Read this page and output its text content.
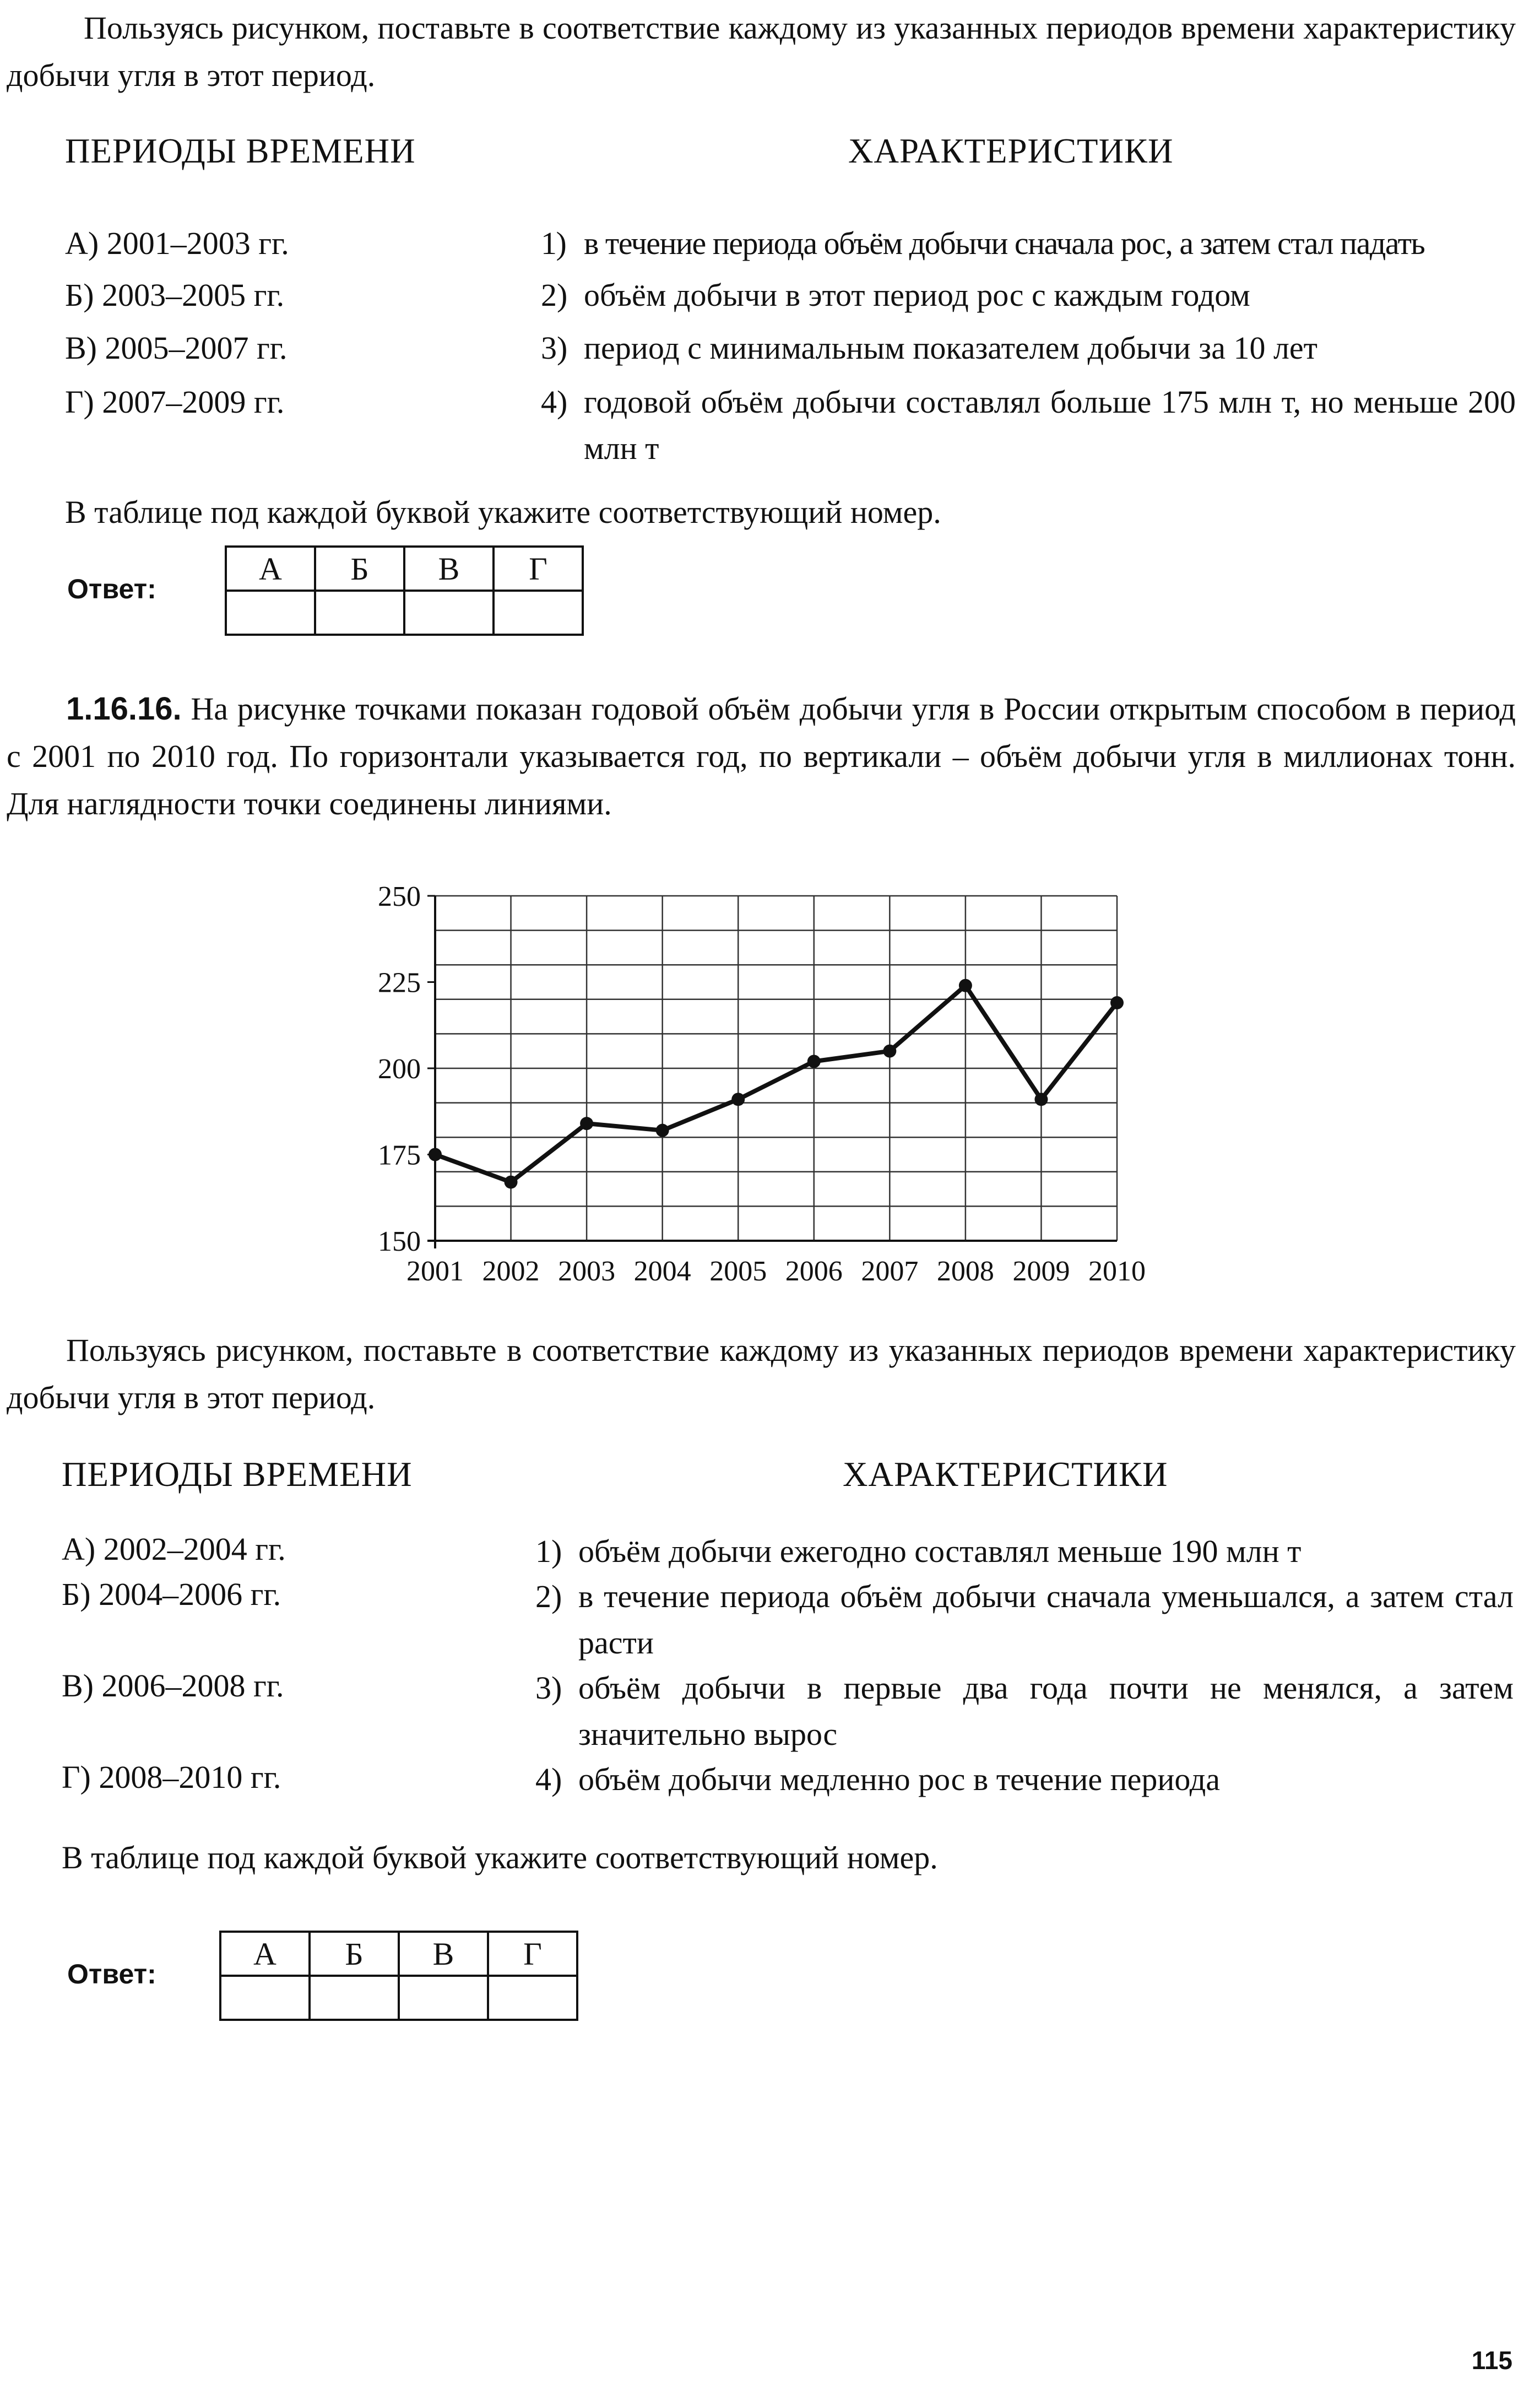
Пользуясь рисунком, поставьте в соответствие каждому из указанных периодов времени характеристику добычи угля в этот период.
ПЕРИОДЫ ВРЕМЕНИ	ХАРАКТЕРИСТИКИ
А) 2001–2003 гг.
Б) 2003–2005 гг.
В) 2005–2007 гг.
Г) 2007–2009 гг.
1) в течение периода объём добычи сначала рос, а затем стал падать
2) объём добычи в этот период рос с каждым годом
3) период с минимальным показателем добычи за 10 лет
4) годовой объём добычи составлял больше 175 млн т, но меньше 200 млн т
В таблице под каждой буквой укажите соответствующий номер.
Ответ:
А	Б	В	Г

1.16.16. На рисунке точками показан годовой объём добычи угля в России открытым способом в период с 2001 по 2010 год. По горизонтали указывается год, по вертикали – объём добычи угля в миллионах тонн. Для наглядности точки соединены линиями.
150
175
200
225
250
2001 2002 2003 2004 2005 2006 2007 2008 2009 2010
Пользуясь рисунком, поставьте в соответствие каждому из указанных периодов времени характеристику добычи угля в этот период.
ПЕРИОДЫ ВРЕМЕНИ	ХАРАКТЕРИСТИКИ
А) 2002–2004 гг.
Б) 2004–2006 гг.
В) 2006–2008 гг.
Г) 2008–2010 гг.
1) объём добычи ежегодно составлял меньше 190 млн т
2) в течение периода объём добычи сначала уменьшался, а затем стал расти
3) объём добычи в первые два года почти не менялся, а затем значительно вырос
4) объём добычи медленно рос в течение периода
В таблице под каждой буквой укажите соответствующий номер.
Ответ:
А	Б	В	Г

115
